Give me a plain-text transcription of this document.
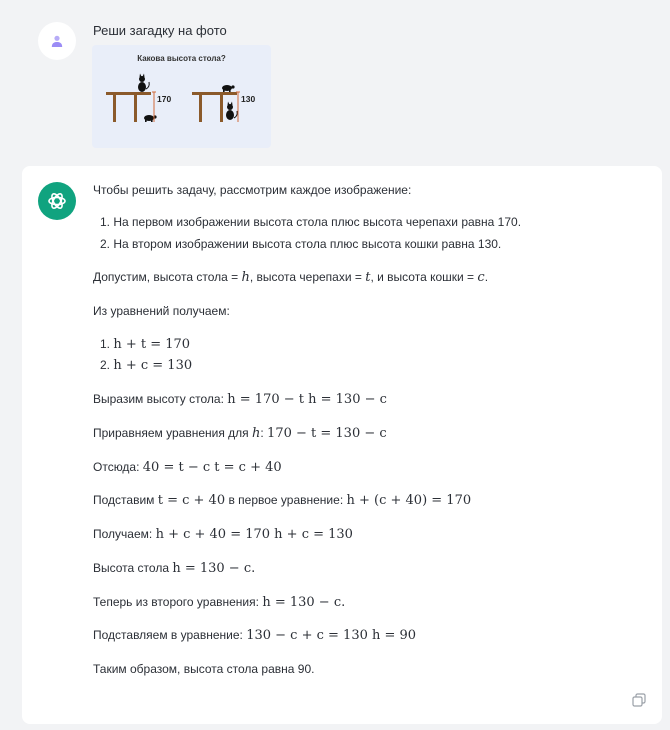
Реши загадку на фото
Какова высота стола?
170	130
Чтобы решить задачу, рассмотрим каждое изображение:
1. На первом изображении высота стола плюс высота черепахи равна 170.
2. На втором изображении высота стола плюс высота кошки равна 130.
Допустим, высота стола = h, высота черепахи = t, и высота кошки = c.
Из уравнений получаем:
1. h + t = 170
2. h + c = 130
Выразим высоту стола: h = 170 − t h = 130 − c
Приравняем уравнения для h: 170 − t = 130 − c
Отсюда: 40 = t − c t = c + 40
Подставим t = c + 40 в первое уравнение: h + (c + 40) = 170
Получаем: h + c + 40 = 170 h + c = 130
Высота стола h = 130 − c.
Теперь из второго уравнения: h = 130 − c.
Подставляем в уравнение: 130 − c + c = 130 h = 90
Таким образом, высота стола равна 90.
